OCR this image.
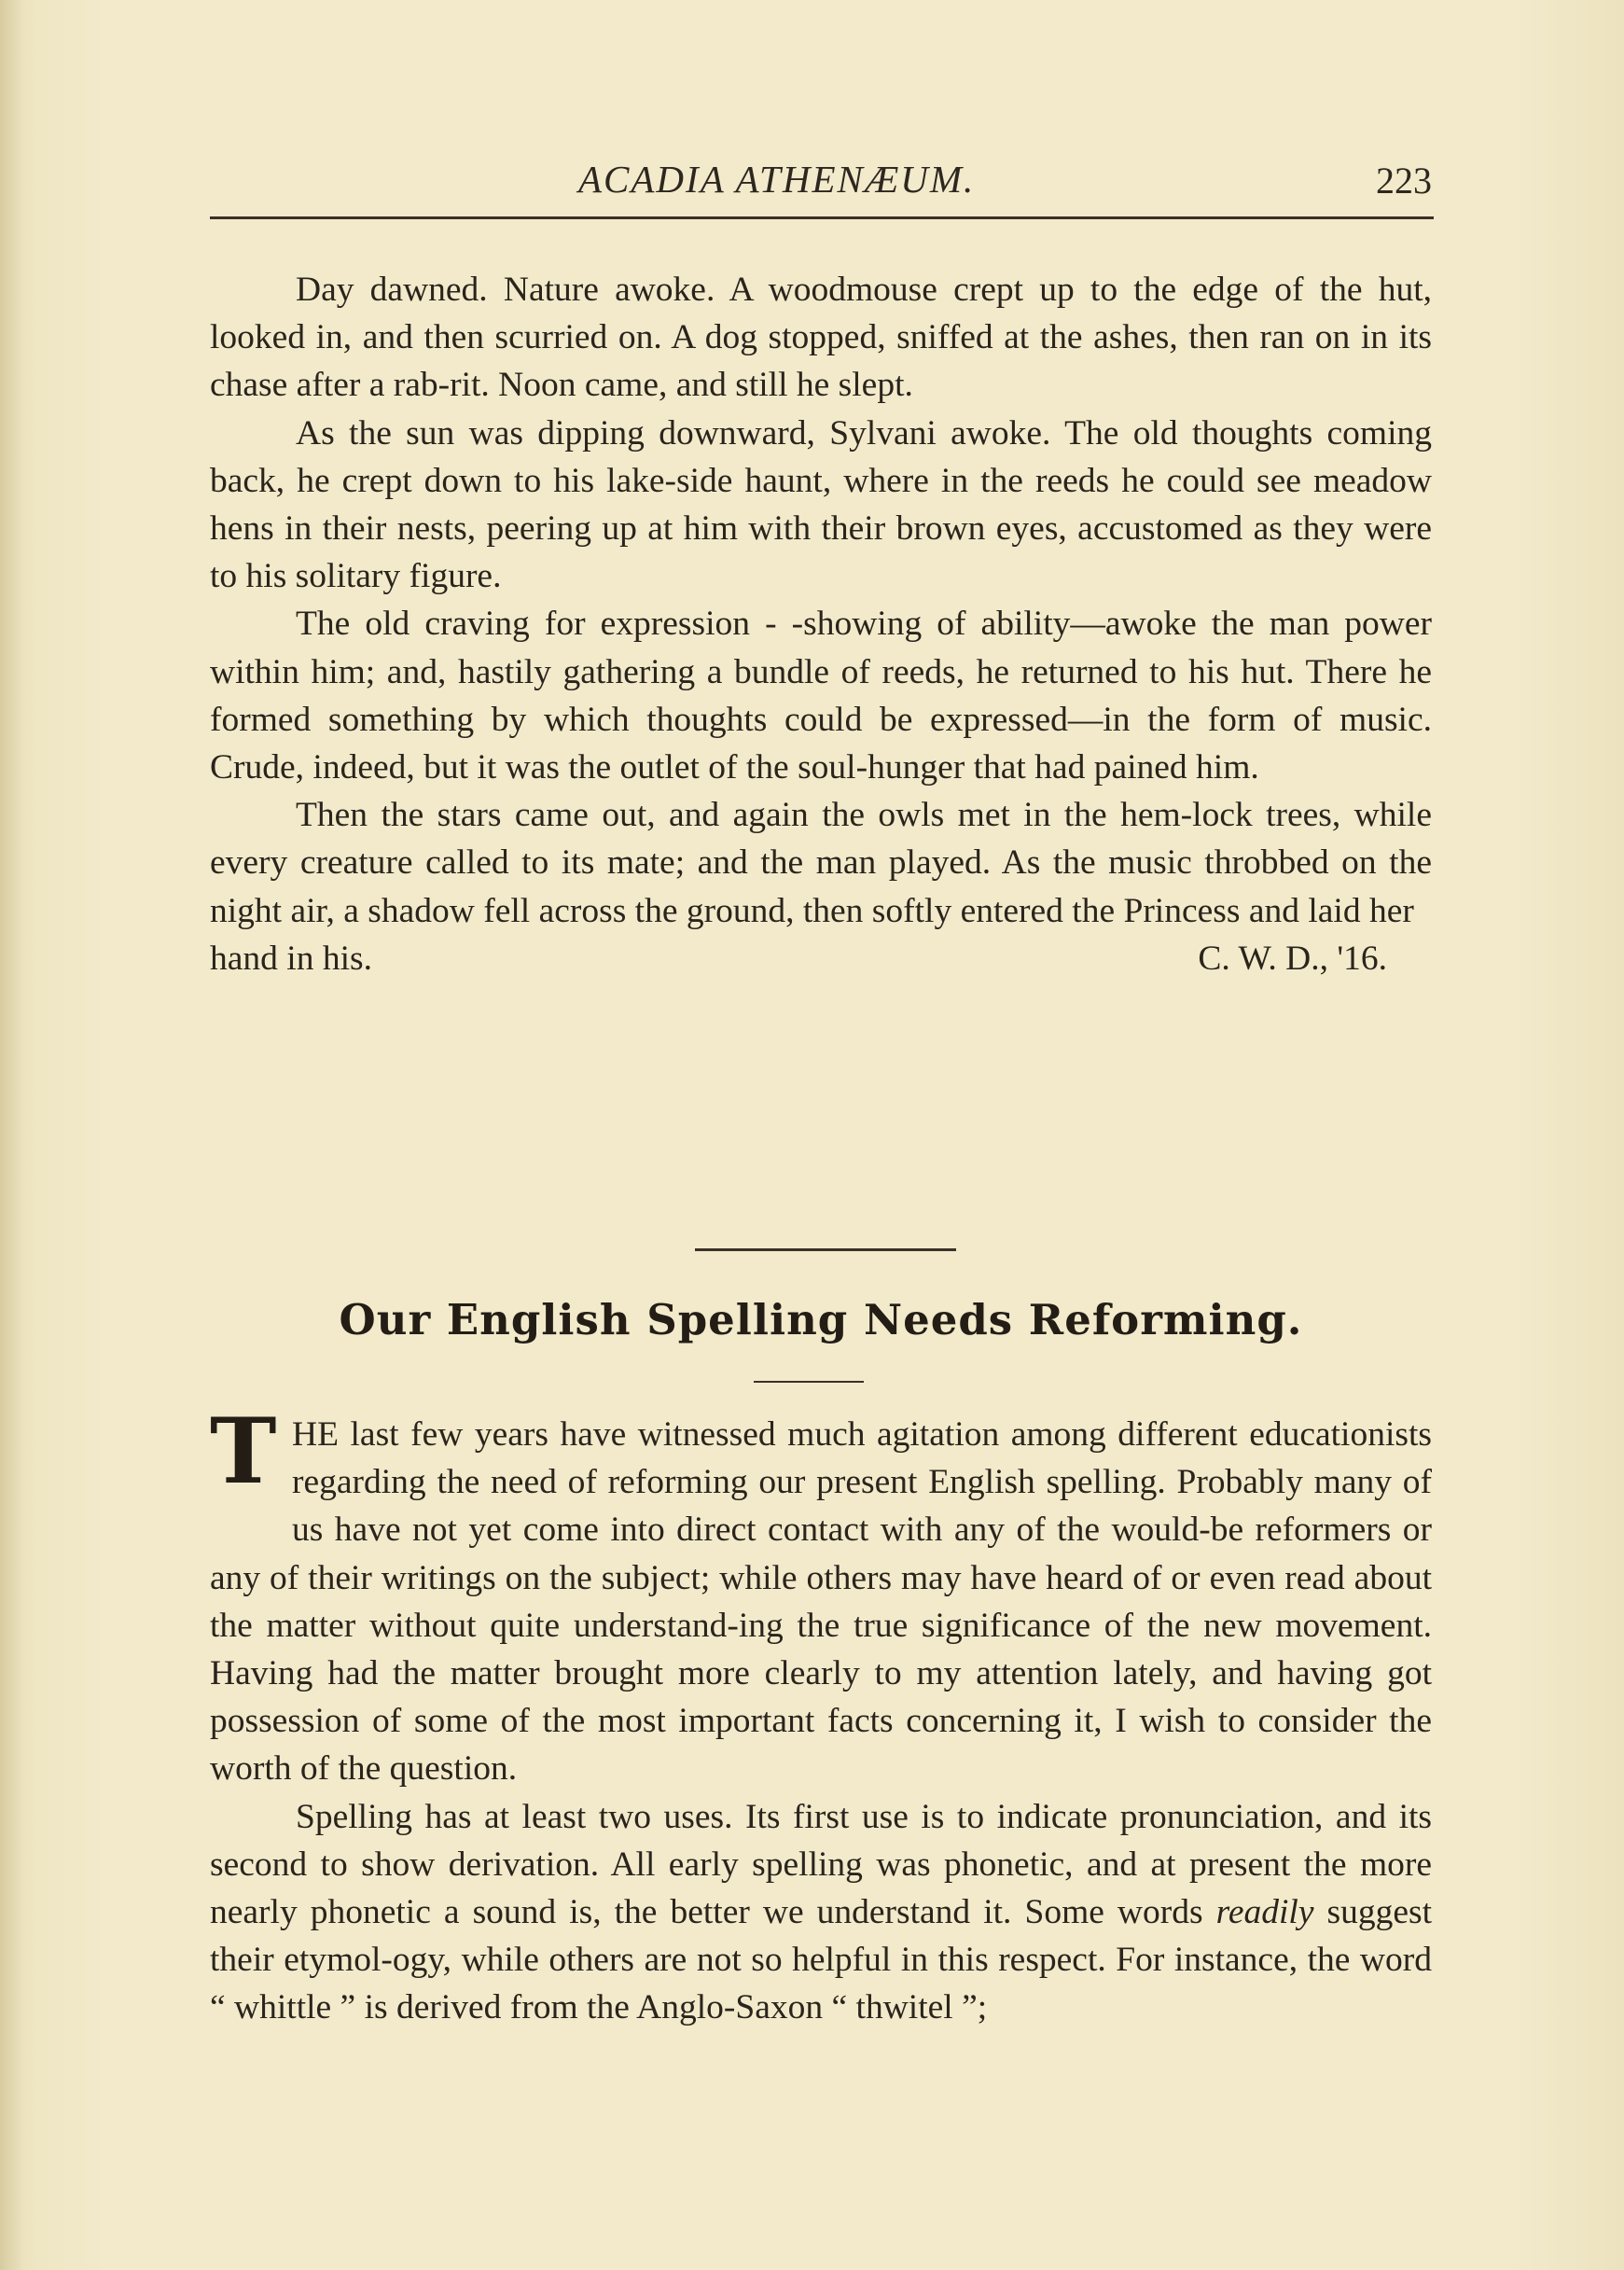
ACADIA ATHENÆUM.	223

Day dawned. Nature awoke. A woodmouse crept up to the edge of the hut, looked in, and then scurried on. A dog stopped, sniffed at the ashes, then ran on in its chase after a rab-rit. Noon came, and still he slept.

As the sun was dipping downward, Sylvani awoke. The old thoughts coming back, he crept down to his lake-side haunt, where in the reeds he could see meadow hens in their nests, peering up at him with their brown eyes, accustomed as they were to his solitary figure.

The old craving for expression - -showing of ability—awoke the man power within him; and, hastily gathering a bundle of reeds, he returned to his hut. There he formed something by which thoughts could be expressed—in the form of music. Crude, indeed, but it was the outlet of the soul-hunger that had pained him.

Then the stars came out, and again the owls met in the hem-lock trees, while every creature called to its mate; and the man played. As the music throbbed on the night air, a shadow fell across the ground, then softly entered the Princess and laid her

hand in his.	C. W. D., '16.
Our English Spelling Needs Reforming.

THE last few years have witnessed much agitation among different educationists regarding the need of reforming our present English spelling. Probably many of us have not yet come into direct contact with any of the would-be reformers or any of their writings on the subject; while others may have heard of or even read about the matter without quite understand-ing the true significance of the new movement. Having had the matter brought more clearly to my attention lately, and having got possession of some of the most important facts concerning it, I wish to consider the worth of the question.

Spelling has at least two uses. Its first use is to indicate pronunciation, and its second to show derivation. All early spelling was phonetic, and at present the more nearly phonetic a sound is, the better we understand it. Some words readily suggest their etymol-ogy, while others are not so helpful in this respect. For instance, the word “ whittle ” is derived from the Anglo-Saxon “ thwitel ”;
